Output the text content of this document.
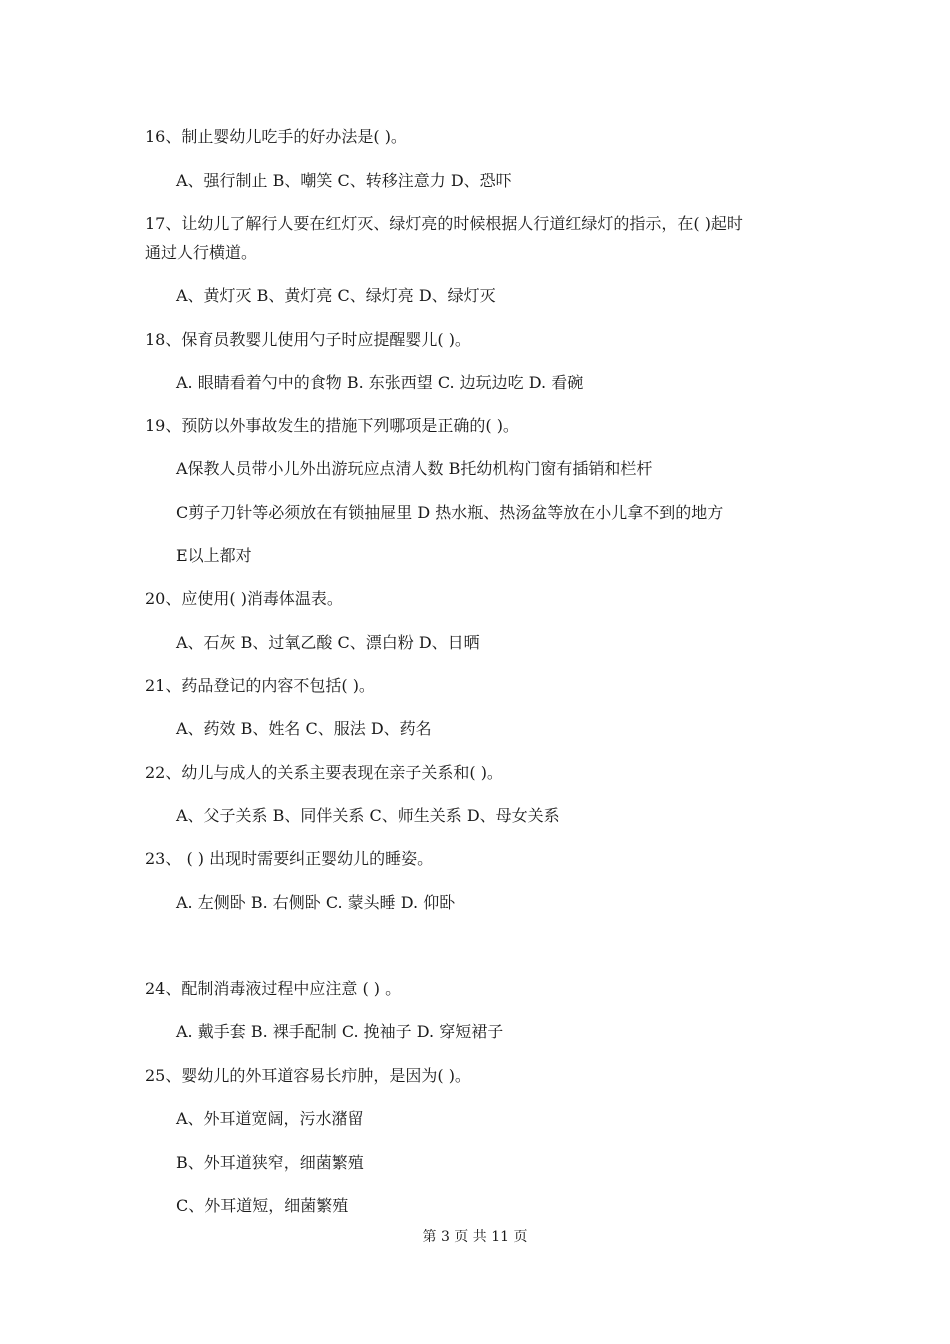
16、制止婴幼儿吃手的好办法是( )。
A、强行制止 B、嘲笑 C、转移注意力 D、恐吓
17、让幼儿了解行人要在红灯灭、绿灯亮的时候根据人行道红绿灯的指示，在( )起时
通过人行横道。
A、黄灯灭 B、黄灯亮 C、绿灯亮 D、绿灯灭
18、保育员教婴儿使用勺子时应提醒婴儿( )。
A. 眼睛看着勺中的食物 B. 东张西望 C. 边玩边吃 D. 看碗
19、预防以外事故发生的措施下列哪项是正确的( )。
A保教人员带小儿外出游玩应点清人数 B托幼机构门窗有插销和栏杆
C剪子刀针等必须放在有锁抽屉里 D 热水瓶、热汤盆等放在小儿拿不到的地方
E以上都对
20、应使用( )消毒体温表。
A、石灰 B、过氧乙酸 C、漂白粉 D、日晒
21、药品登记的内容不包括( )。
A、药效 B、姓名 C、服法 D、药名
22、幼儿与成人的关系主要表现在亲子关系和( )。
A、父子关系 B、同伴关系 C、师生关系 D、母女关系
23、 ( ) 出现时需要纠正婴幼儿的睡姿。
A. 左侧卧 B. 右侧卧 C. 蒙头睡 D. 仰卧
24、配制消毒液过程中应注意 ( ) 。
A. 戴手套 B. 裸手配制 C. 挽袖子 D. 穿短裙子
25、婴幼儿的外耳道容易长疖肿，是因为( )。
A、外耳道宽阔，污水潴留
B、外耳道狭窄，细菌繁殖
C、外耳道短，细菌繁殖
第 3 页 共 11 页
